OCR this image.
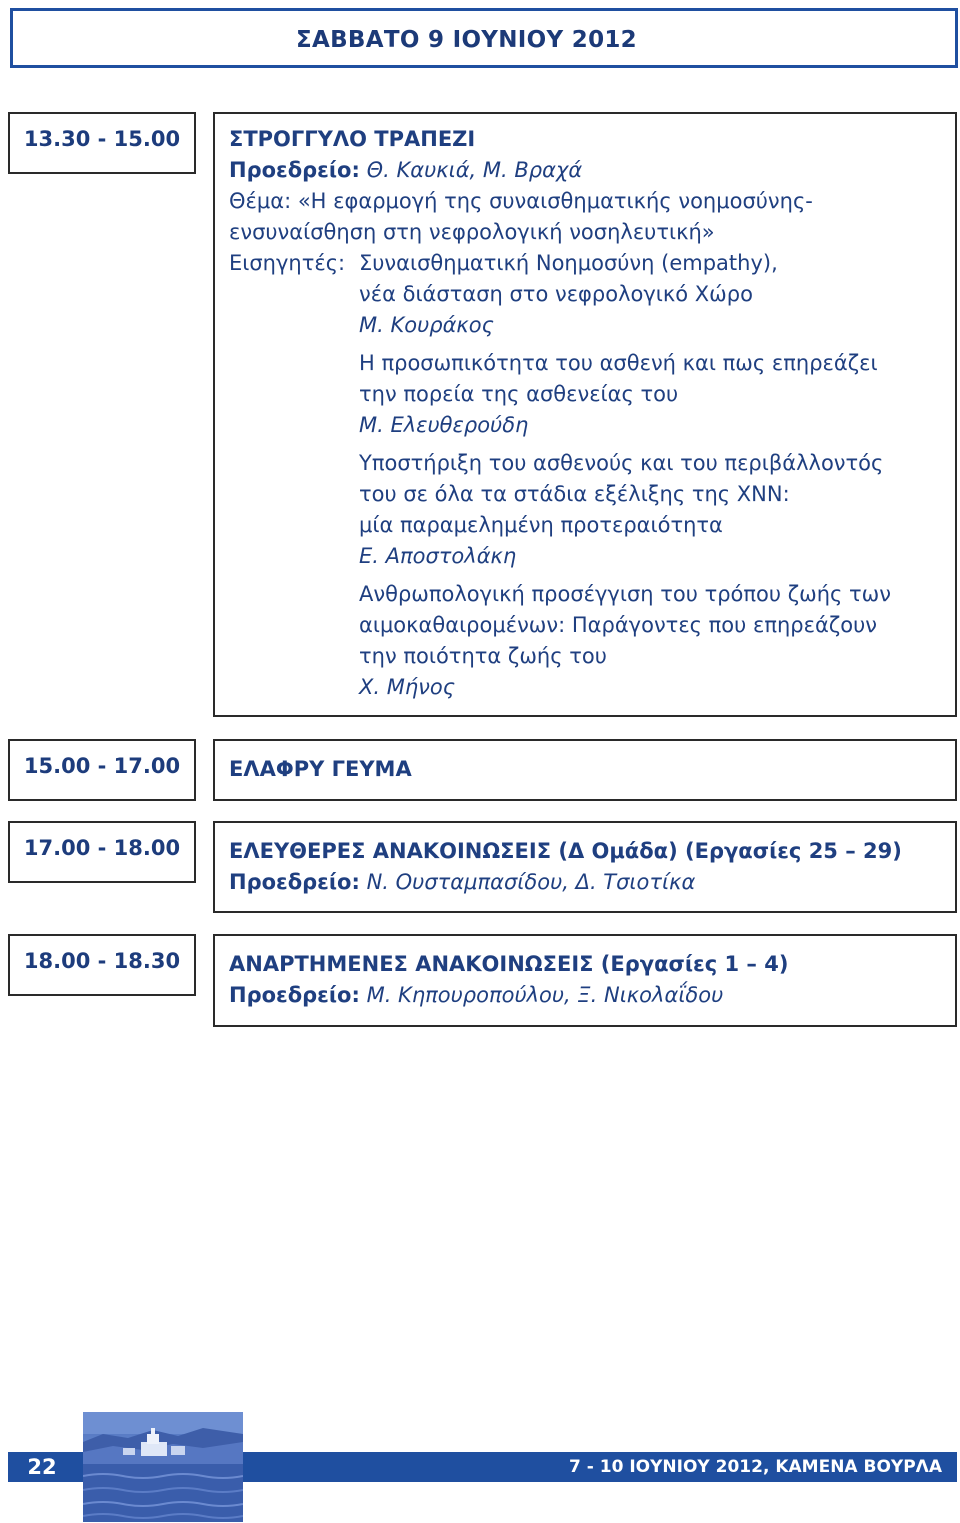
ΣΑΒΒΑΤΟ 9 ΙΟΥΝΙΟΥ 2012
13.30 - 15.00	ΣΤΡΟΓΓΥΛΟ ΤΡΑΠΕΖΙ
Προεδρείο: Θ. Καυκιά, Μ. Βραχά
Θέμα: «Η εφαρμογή της συναισθηματικής νοημοσύνης-
ενσυναίσθηση στη νεφρολογική νοσηλευτική»
Εισηγητές: Συναισθηματική Νοημοσύνη (empathy),
νέα διάσταση στο νεφρολογικό Χώρο
Μ. Κουράκος
Η προσωπικότητα του ασθενή και πως επηρεάζει
την πορεία της ασθενείας του
Μ. Ελευθερούδη
Υποστήριξη του ασθενούς και του περιβάλλοντός
του σε όλα τα στάδια εξέλιξης της ΧΝΝ:
μία παραμελημένη προτεραιότητα
Ε. Αποστολάκη
Ανθρωπολογική προσέγγιση του τρόπου ζωής των
αιμοκαθαιρομένων: Παράγοντες που επηρεάζουν
την ποιότητα ζωής του
Χ. Μήνος
15.00 - 17.00	ΕΛΑΦΡΥ ΓΕΥΜΑ
17.00 - 18.00	ΕΛΕΥΘΕΡΕΣ ΑΝΑΚΟΙΝΩΣΕΙΣ (Δ Ομάδα) (Εργασίες 25 – 29)
Προεδρείο: Ν. Ουσταμπασίδου, Δ. Τσιοτίκα
18.00 - 18.30	ΑΝΑΡΤΗΜΕΝΕΣ ΑΝΑΚΟΙΝΩΣΕΙΣ (Εργασίες 1 – 4)
Προεδρείο: Μ. Κηπουροπούλου, Ξ. Νικολαΐδου
22	7 - 10 ΙΟΥΝΙΟΥ 2012, ΚΑΜΕΝΑ ΒΟΥΡΛΑ
